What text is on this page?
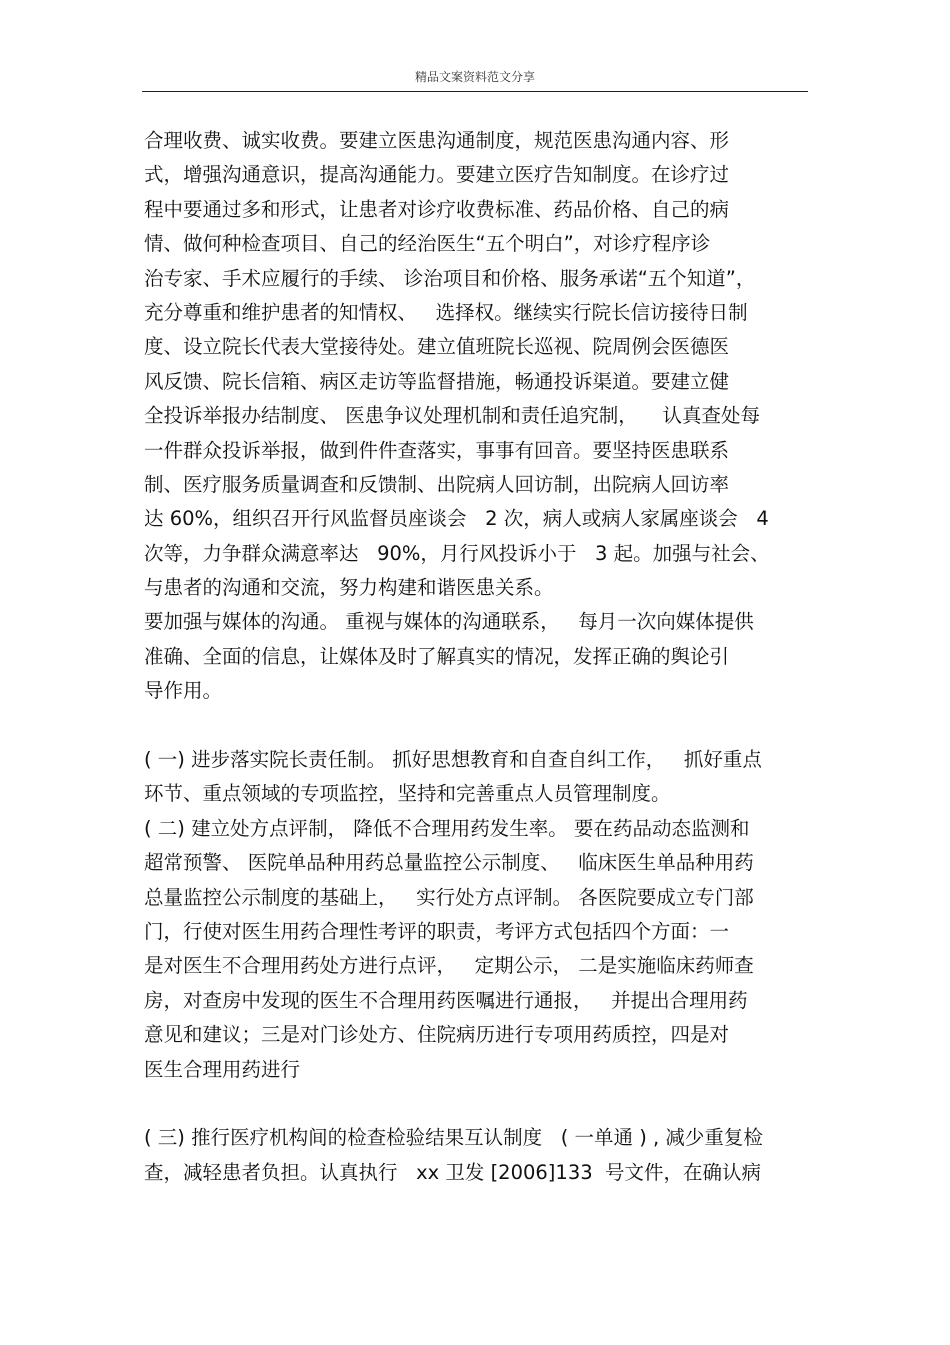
精品文案资料范文分享
合理收费、诚实收费。要建立医患沟通制度，规范医患沟通内容、形
式，增强沟通意识，提高沟通能力。要建立医疗告知制度。在诊疗过
程中要通过多和形式，让患者对诊疗收费标准、药品价格、自己的病
情、做何种检查项目、自己的经治医生“五个明白”，对诊疗程序诊
治专家、手术应履行的手续、 诊治项目和价格、服务承诺“五个知道”，
充分尊重和维护患者的知情权、   选择权。继续实行院长信访接待日制
度、设立院长代表大堂接待处。建立值班院长巡视、院周例会医德医
风反馈、院长信箱、病区走访等监督措施，畅通投诉渠道。要建立健
全投诉举报办结制度、 医患争议处理机制和责任追究制，    认真查处每
一件群众投诉举报，做到件件查落实，事事有回音。要坚持医患联系
制、医疗服务质量调查和反馈制、出院病人回访制，出院病人回访率
达 60%，组织召开行风监督员座谈会   2 次，病人或病人家属座谈会   4
次等，力争群众满意率达   90%，月行风投诉小于   3 起。加强与社会、
与患者的沟通和交流，努力构建和谐医患关系。
要加强与媒体的沟通。 重视与媒体的沟通联系，   每月一次向媒体提供
准确、全面的信息，让媒体及时了解真实的情况，发挥正确的舆论引
导作用。
( 一) 进步落实院长责任制。 抓好思想教育和自查自纠工作，   抓好重点
环节、重点领域的专项监控，坚持和完善重点人员管理制度。
( 二) 建立处方点评制， 降低不合理用药发生率。 要在药品动态监测和
超常预警、 医院单品种用药总量监控公示制度、   临床医生单品种用药
总量监控公示制度的基础上，   实行处方点评制。 各医院要成立专门部
门，行使对医生用药合理性考评的职责，考评方式包括四个方面：一
是对医生不合理用药处方进行点评，   定期公示， 二是实施临床药师查
房，对查房中发现的医生不合理用药医嘱进行通报，   并提出合理用药
意见和建议；三是对门诊处方、住院病历进行专项用药质控，四是对
医生合理用药进行
( 三) 推行医疗机构间的检查检验结果互认制度   ( 一单通 ) , 减少重复检
查，减轻患者负担。认真执行   xx 卫发 [2006]133  号文件，在确认病
